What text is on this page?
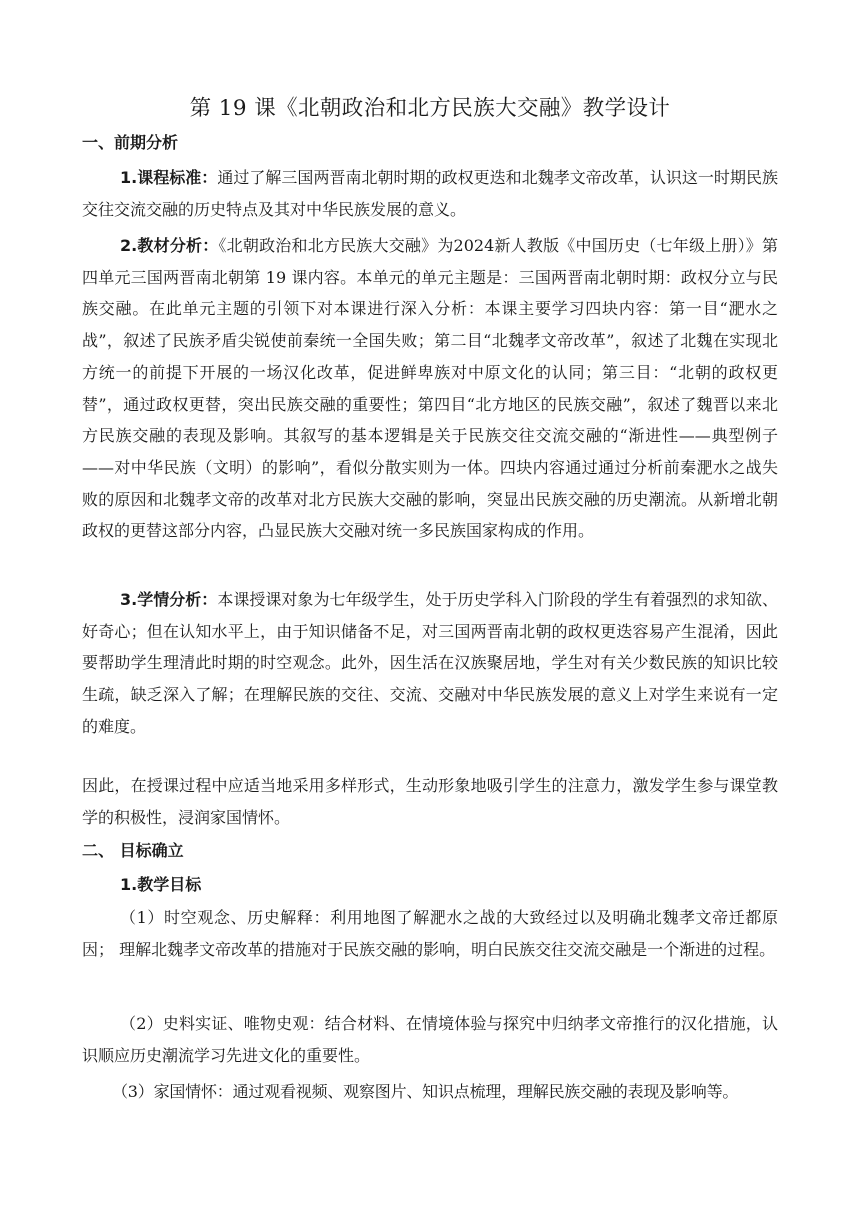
第 19 课《北朝政治和北方民族大交融》教学设计
一、前期分析
1.课程标准：通过了解三国两晋南北朝时期的政权更迭和北魏孝文帝改革，认识这一时期民族交往交流交融的历史特点及其对中华民族发展的意义。
2.教材分析：《北朝政治和北方民族大交融》为2024新人教版《中国历史（七年级上册）》第四单元三国两晋南北朝第 19 课内容。本单元的单元主题是：三国两晋南北朝时期：政权分立与民族交融。在此单元主题的引领下对本课进行深入分析：本课主要学习四块内容：第一目“淝水之战”，叙述了民族矛盾尖锐使前秦统一全国失败；第二目“北魏孝文帝改革”，叙述了北魏在实现北方统一的前提下开展的一场汉化改革，促进鲜卑族对中原文化的认同；第三目：“北朝的政权更替”，通过政权更替，突出民族交融的重要性；第四目“北方地区的民族交融”，叙述了魏晋以来北方民族交融的表现及影响。其叙写的基本逻辑是关于民族交往交流交融的“渐进性——典型例子——对中华民族（文明）的影响”，看似分散实则为一体。四块内容通过通过分析前秦淝水之战失败的原因和北魏孝文帝的改革对北方民族大交融的影响，突显出民族交融的历史潮流。从新增北朝政权的更替这部分内容，凸显民族大交融对统一多民族国家构成的作用。
3.学情分析：本课授课对象为七年级学生，处于历史学科入门阶段的学生有着强烈的求知欲、好奇心；但在认知水平上，由于知识储备不足，对三国两晋南北朝的政权更迭容易产生混淆，因此要帮助学生理清此时期的时空观念。此外，因生活在汉族聚居地，学生对有关少数民族的知识比较生疏，缺乏深入了解；在理解民族的交往、交流、交融对中华民族发展的意义上对学生来说有一定的难度。
因此，在授课过程中应适当地采用多样形式，生动形象地吸引学生的注意力，激发学生参与课堂教学的积极性，浸润家国情怀。
二、 目标确立
1.教学目标
（1）时空观念、历史解释：利用地图了解淝水之战的大致经过以及明确北魏孝文帝迁都原因； 理解北魏孝文帝改革的措施对于民族交融的影响，明白民族交往交流交融是一个渐进的过程。
（2）史料实证、唯物史观：结合材料、在情境体验与探究中归纳孝文帝推行的汉化措施，认识顺应历史潮流学习先进文化的重要性。
（3）家国情怀：通过观看视频、观察图片、知识点梳理，理解民族交融的表现及影响等。
